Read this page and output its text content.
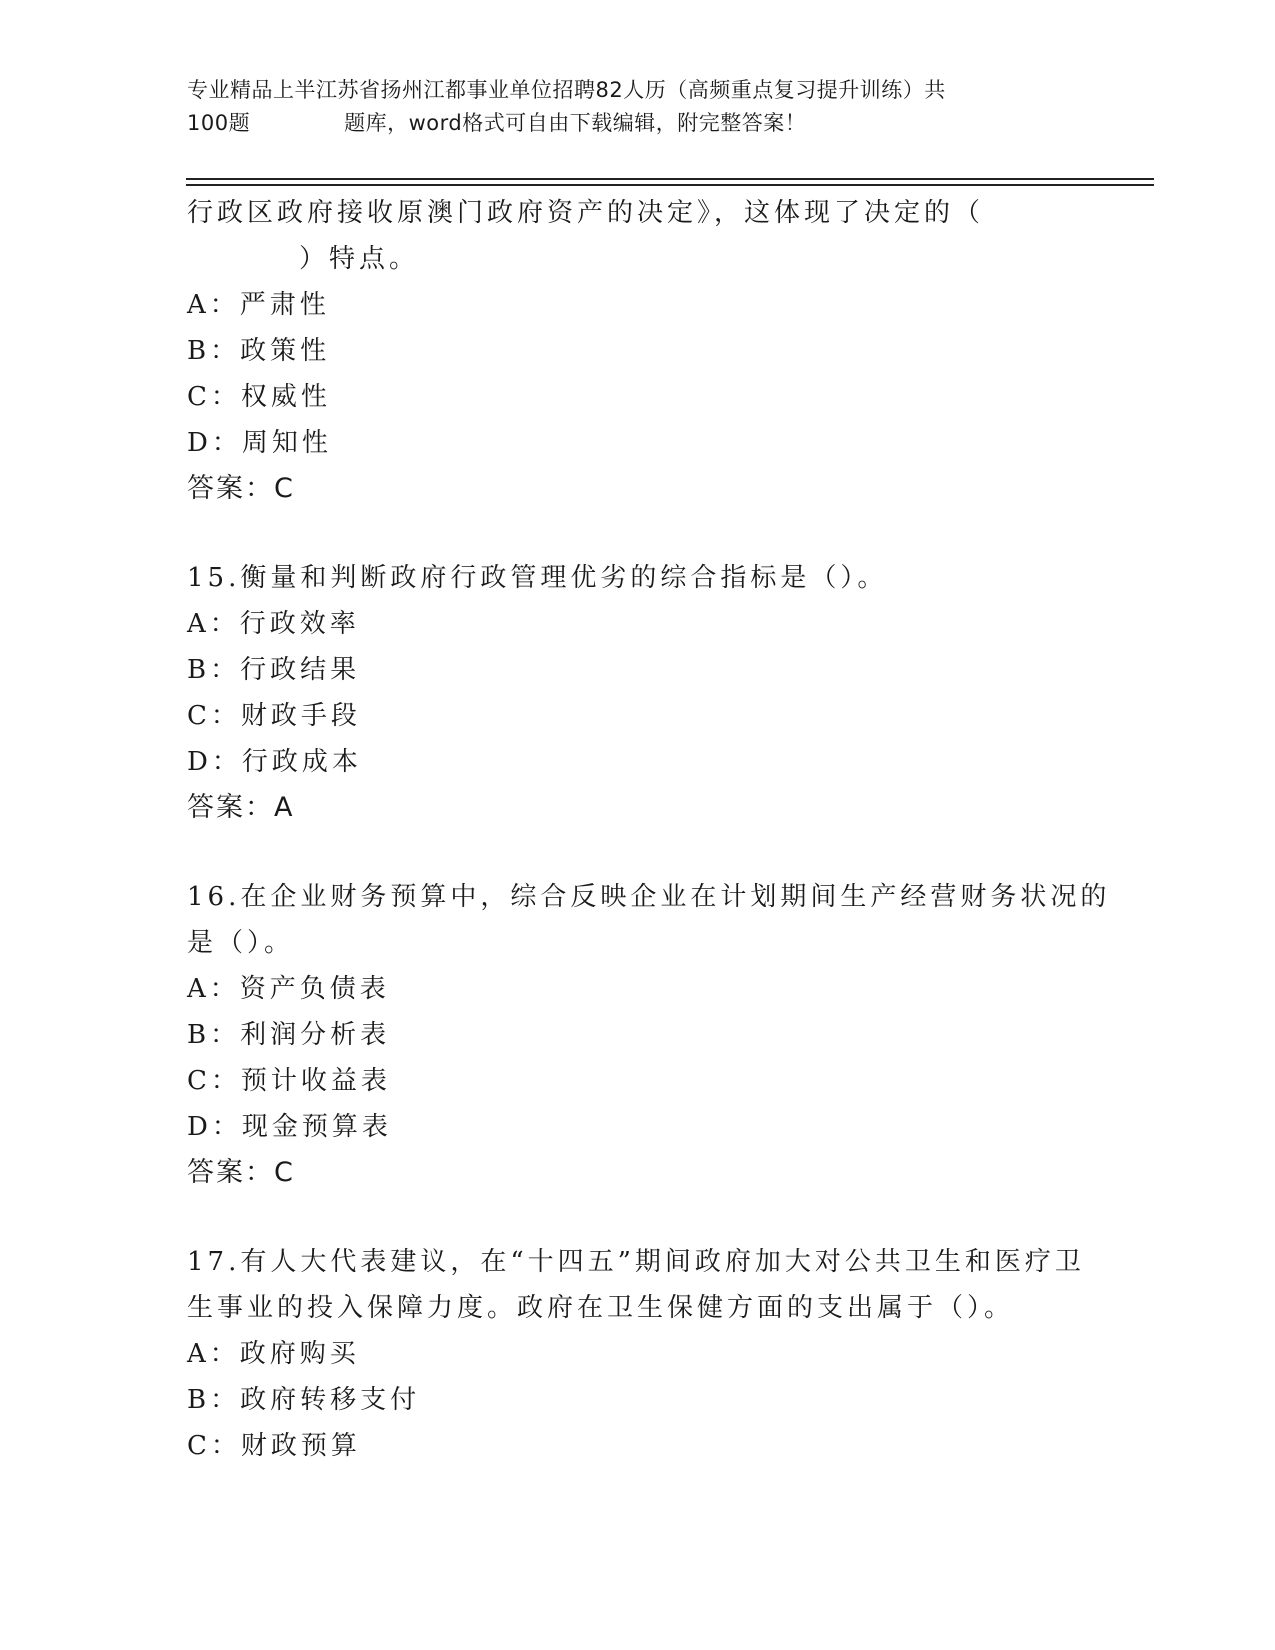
专业精品上半江苏省扬州江都事业单位招聘82人历（高频重点复习提升训练）共
100题	题库，word格式可自由下载编辑，附完整答案！

行政区政府接收原澳门政府资产的决定》，这体现了决定的（

）特点。

A：严肃性

B：政策性

C：权威性

D：周知性

答案：C

15.衡量和判断政府行政管理优劣的综合指标是（）。

A：行政效率

B：行政结果

C：财政手段

D：行政成本

答案：A

16.在企业财务预算中，综合反映企业在计划期间生产经营财务状况的

是（）。

A：资产负债表

B：利润分析表

C：预计收益表

D：现金预算表

答案：C

17.有人大代表建议，在“十四五”期间政府加大对公共卫生和医疗卫

生事业的投入保障力度。政府在卫生保健方面的支出属于（）。

A：政府购买

B：政府转移支付

C：财政预算
